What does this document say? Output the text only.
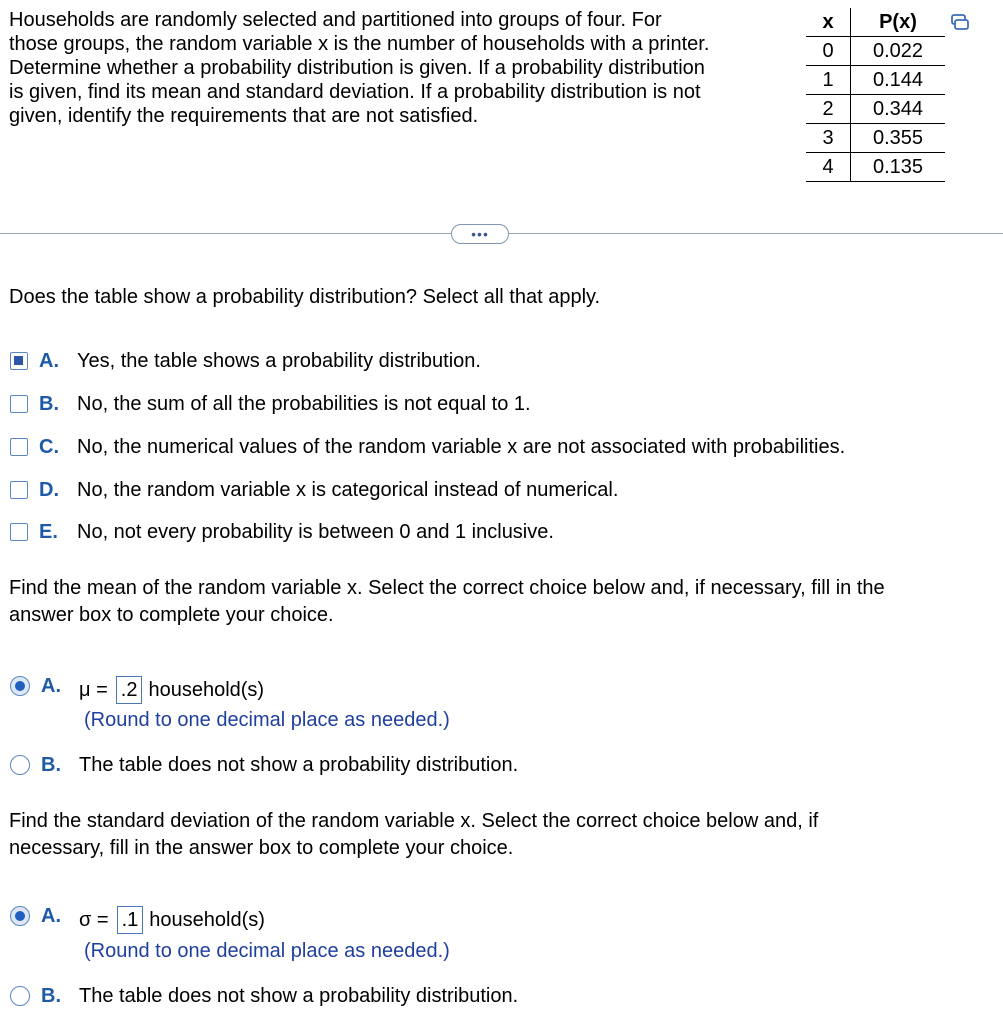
Households are randomly selected and partitioned into groups of four. For
those groups, the random variable x is the number of households with a printer.
Determine whether a probability distribution is given. If a probability distribution
is given, find its mean and standard deviation. If a probability distribution is not
given, identify the requirements that are not satisfied.
x	P(x)
0	0.022
1	0.144
2	0.344
3	0.355
4	0.135
•••
Does the table show a probability distribution? Select all that apply.
A. Yes, the table shows a probability distribution.
B. No, the sum of all the probabilities is not equal to 1.
C. No, the numerical values of the random variable x are not associated with probabilities.
D. No, the random variable x is categorical instead of numerical.
E. No, not every probability is between 0 and 1 inclusive.
Find the mean of the random variable x. Select the correct choice below and, if necessary, fill in the
answer box to complete your choice.
A. μ = .2 household(s)
(Round to one decimal place as needed.)
B. The table does not show a probability distribution.
Find the standard deviation of the random variable x. Select the correct choice below and, if
necessary, fill in the answer box to complete your choice.
A. σ = .1 household(s)
(Round to one decimal place as needed.)
B. The table does not show a probability distribution.
